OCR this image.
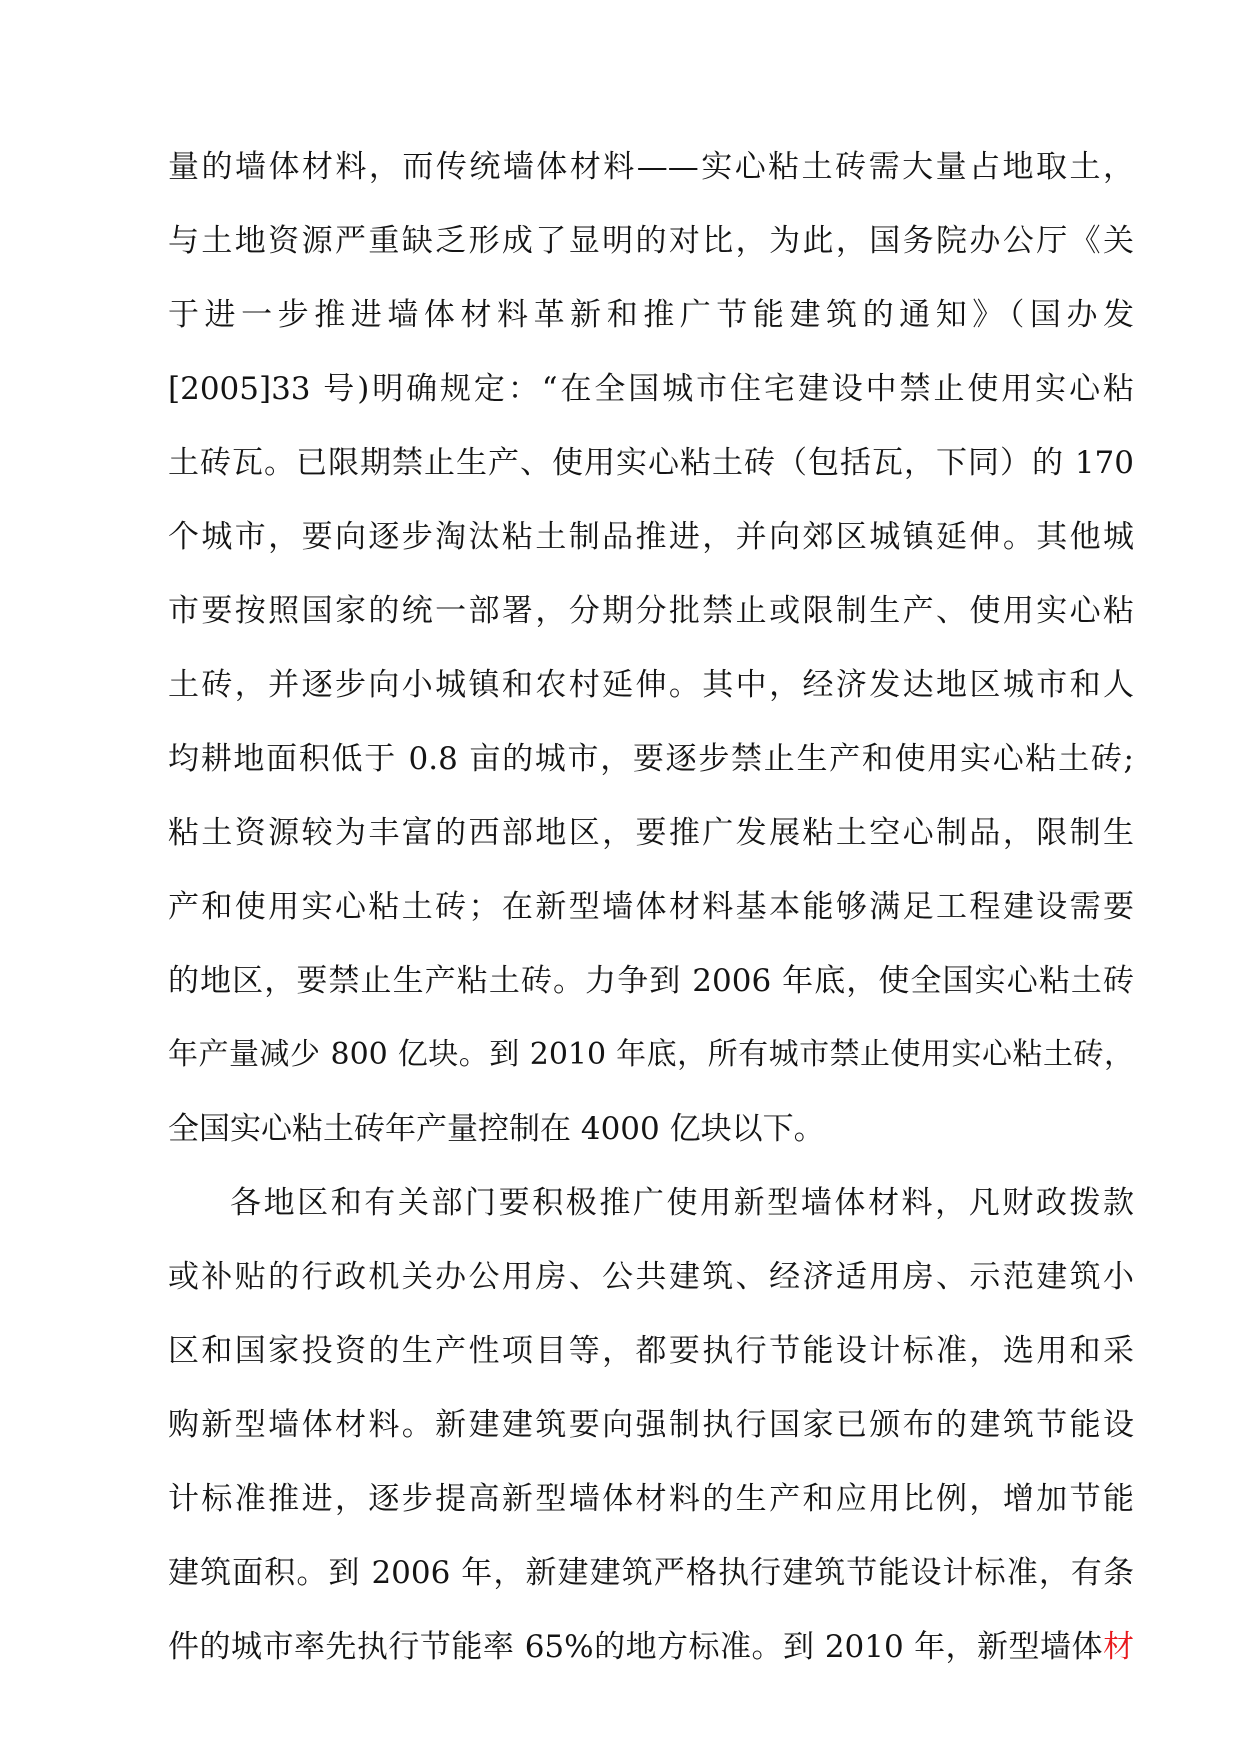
量的墙体材料，而传统墙体材料——实心粘土砖需大量占地取土，
与土地资源严重缺乏形成了显明的对比，为此，国务院办公厅《关
于进一步推进墙体材料革新和推广节能建筑的通知》（国办发
[2005]33 号)明确规定：“在全国城市住宅建设中禁止使用实心粘
土砖瓦。已限期禁止生产、使用实心粘土砖（包括瓦，下同）的 170
个城市，要向逐步淘汰粘土制品推进，并向郊区城镇延伸。其他城
市要按照国家的统一部署，分期分批禁止或限制生产、使用实心粘
土砖，并逐步向小城镇和农村延伸。其中，经济发达地区城市和人
均耕地面积低于 0.8 亩的城市，要逐步禁止生产和使用实心粘土砖;
粘土资源较为丰富的西部地区，要推广发展粘土空心制品，限制生
产和使用实心粘土砖；在新型墙体材料基本能够满足工程建设需要
的地区，要禁止生产粘土砖。力争到 2006 年底，使全国实心粘土砖
年产量减少 800 亿块。到 2010 年底，所有城市禁止使用实心粘土砖，
全国实心粘土砖年产量控制在 4000 亿块以下。
各地区和有关部门要积极推广使用新型墙体材料，凡财政拨款
或补贴的行政机关办公用房、公共建筑、经济适用房、示范建筑小
区和国家投资的生产性项目等，都要执行节能设计标准，选用和采
购新型墙体材料。新建建筑要向强制执行国家已颁布的建筑节能设
计标准推进，逐步提高新型墙体材料的生产和应用比例，增加节能
建筑面积。到 2006 年，新建建筑严格执行建筑节能设计标准，有条
件的城市率先执行节能率 65%的地方标准。到 2010 年，新型墙体材
